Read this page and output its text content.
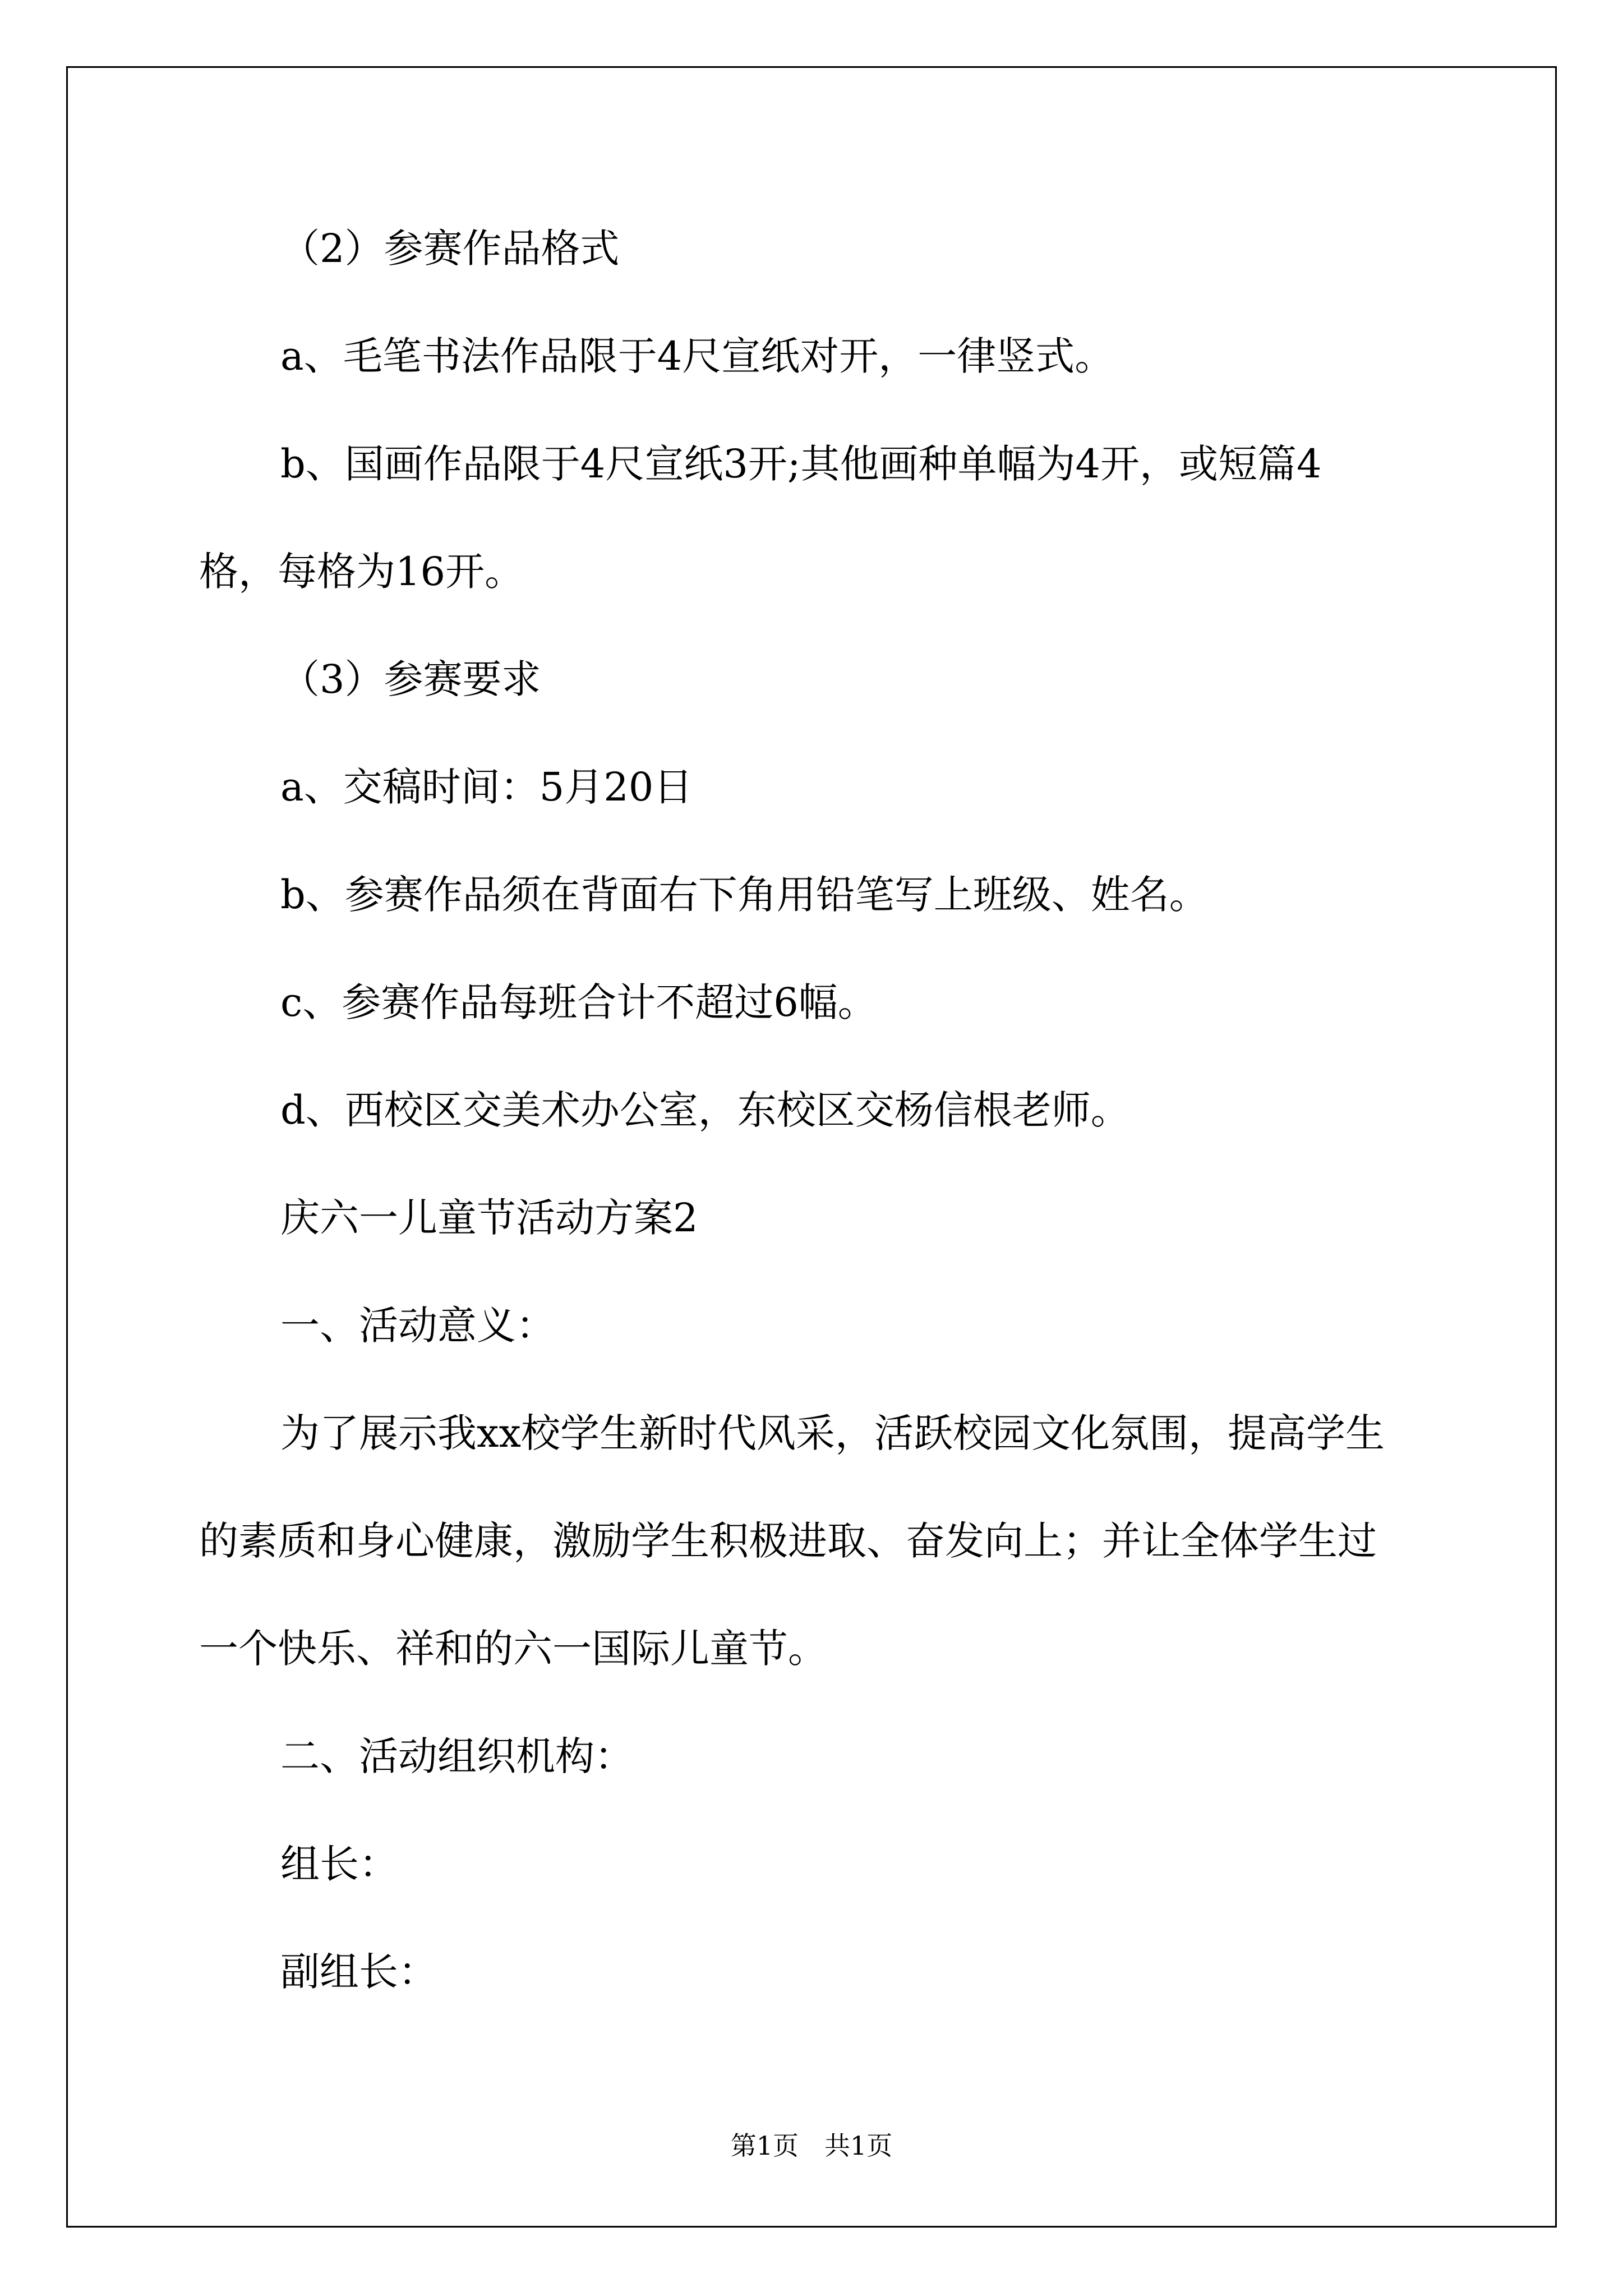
（2）参赛作品格式

a、毛笔书法作品限于4尺宣纸对开，一律竖式。

b、国画作品限于4尺宣纸3开;其他画种单幅为4开，或短篇4

格，每格为16开。

（3）参赛要求

a、交稿时间：5月20日

b、参赛作品须在背面右下角用铅笔写上班级、姓名。

c、参赛作品每班合计不超过6幅。

d、西校区交美术办公室，东校区交杨信根老师。

庆六一儿童节活动方案2

一、活动意义：

为了展示我xx校学生新时代风采，活跃校园文化氛围，提高学生

的素质和身心健康，激励学生积极进取、奋发向上；并让全体学生过

一个快乐、祥和的六一国际儿童节。

二、活动组织机构：

组长：

副组长：

第1页　共1页
